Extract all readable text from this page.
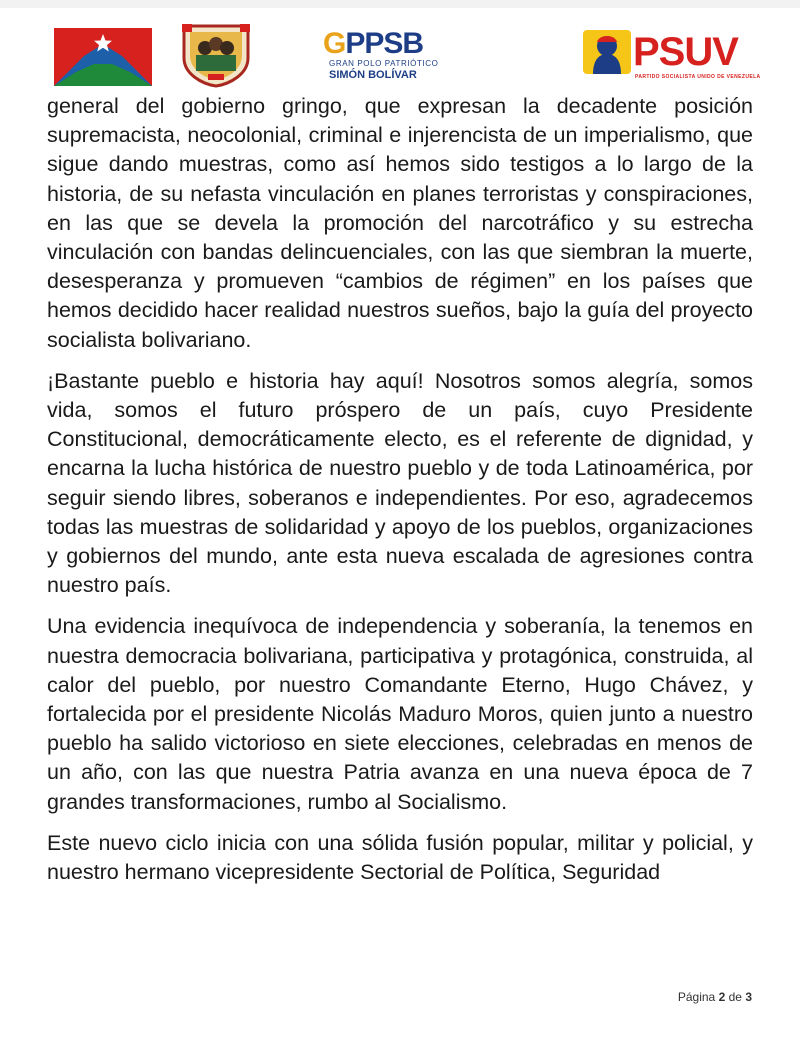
GPPSB
GRAN POLO PATRIÓTICO
SIMÓN BOLÍVAR
PSUV
PARTIDO SOCIALISTA UNIDO DE VENEZUELA

general del gobierno gringo, que expresan la decadente posición supremacista, neocolonial, criminal e injerencista de un imperialismo, que sigue dando muestras, como así hemos sido testigos a lo largo de la historia, de su nefasta vinculación en planes terroristas y conspiraciones, en las que se devela la promoción del narcotráfico y su estrecha vinculación con bandas delincuenciales, con las que siembran la muerte, desesperanza y promueven “cambios de régimen” en los países que hemos decidido hacer realidad nuestros sueños, bajo la guía del proyecto socialista bolivariano.

¡Bastante pueblo e historia hay aquí! Nosotros somos alegría, somos vida, somos el futuro próspero de un país, cuyo Presidente Constitucional, democráticamente electo, es el referente de dignidad, y encarna la lucha histórica de nuestro pueblo y de toda Latinoamérica, por seguir siendo libres, soberanos e independientes. Por eso, agradecemos todas las muestras de solidaridad y apoyo de los pueblos, organizaciones y gobiernos del mundo, ante esta nueva escalada de agresiones contra nuestro país.

Una evidencia inequívoca de independencia y soberanía, la tenemos en nuestra democracia bolivariana, participativa y protagónica, construida, al calor del pueblo, por nuestro Comandante Eterno, Hugo Chávez, y fortalecida por el presidente Nicolás Maduro Moros, quien junto a nuestro pueblo ha salido victorioso en siete elecciones, celebradas en menos de un año, con las que nuestra Patria avanza en una nueva época de 7 grandes transformaciones, rumbo al Socialismo.

Este nuevo ciclo inicia con una sólida fusión popular, militar y policial, y nuestro hermano vicepresidente Sectorial de Política, Seguridad

Página 2 de 3
